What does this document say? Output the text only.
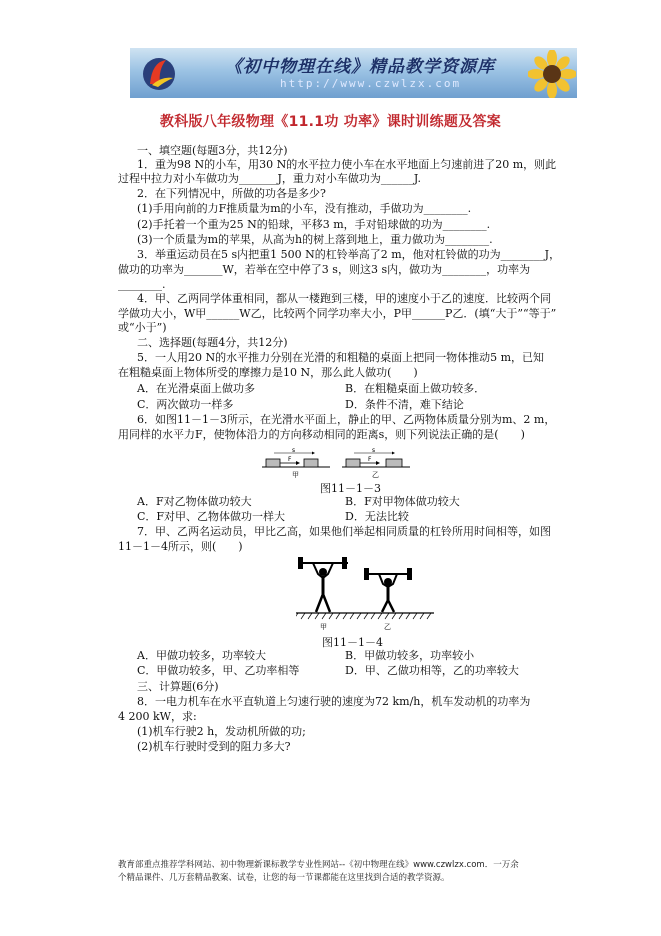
《初中物理在线》精品教学资源库
http://www.czwlzx.com
教科版八年级物理《11.1功 功率》课时训练题及答案
一、填空题(每题3分，共12分)
1．重为98 N的小车，用30 N的水平拉力使小车在水平地面上匀速前进了20 m，则此
过程中拉力对小车做功为_______J，重力对小车做功为______J.
2．在下列情况中，所做的功各是多少?
(1)手用向前的力F推质量为m的小车，没有推动，手做功为________.
(2)手托着一个重为25 N的铅球，平移3 m，手对铅球做的功为________.
(3)一个质量为m的苹果，从高为h的树上落到地上，重力做功为________.
3．举重运动员在5 s内把重1 500 N的杠铃举高了2 m，他对杠铃做的功为________J，
做功的功率为_______W，若举在空中停了3 s，则这3 s内，做功为________，功率为
________.
4．甲、乙两同学体重相同，都从一楼跑到三楼，甲的速度小于乙的速度．比较两个同
学做功大小，W甲______W乙，比较两个同学功率大小，P甲______P乙．(填“大于”“等于”
或“小于”)
二、选择题(每题4分，共12分)
5．一人用20 N的水平推力分别在光滑的和粗糙的桌面上把同一物体推动5 m，已知
在粗糙桌面上物体所受的摩擦力是10 N，那么此人做功(　　)
A．在光滑桌面上做功多	B．在粗糙桌面上做功较多．
C．两次做功一样多	D．条件不清，难下结论
6．如图11－1－3所示，在光滑水平面上，静止的甲、乙两物体质量分别为m、2 m，
用同样的水平力F，使物体沿力的方向移动相同的距离s，则下列说法正确的是(　　)
F
s
甲
F
s
乙
图11－1－3
A．F对乙物体做功较大	B．F对甲物体做功较大
C．F对甲、乙物体做功一样大	D．无法比较
7．甲、乙两名运动员，甲比乙高，如果他们举起相同质量的杠铃所用时间相等，如图
11－1－4所示，则(　　)
甲	乙
图11－1－4
A．甲做功较多，功率较大	B．甲做功较多，功率较小
C．甲做功较多，甲、乙功率相等	D．甲、乙做功相等，乙的功率较大
三、计算题(6分)
8．一电力机车在水平直轨道上匀速行驶的速度为72 km/h，机车发动机的功率为
4 200 kW，求:
(1)机车行驶2 h，发动机所做的功;
(2)机车行驶时受到的阻力多大?
教育部重点推荐学科网站、初中物理新课标教学专业性网站--《初中物理在线》www.czwlzx.com．一万余
个精品课件、几万套精品教案、试卷，让您的每一节课都能在这里找到合适的教学资源。
